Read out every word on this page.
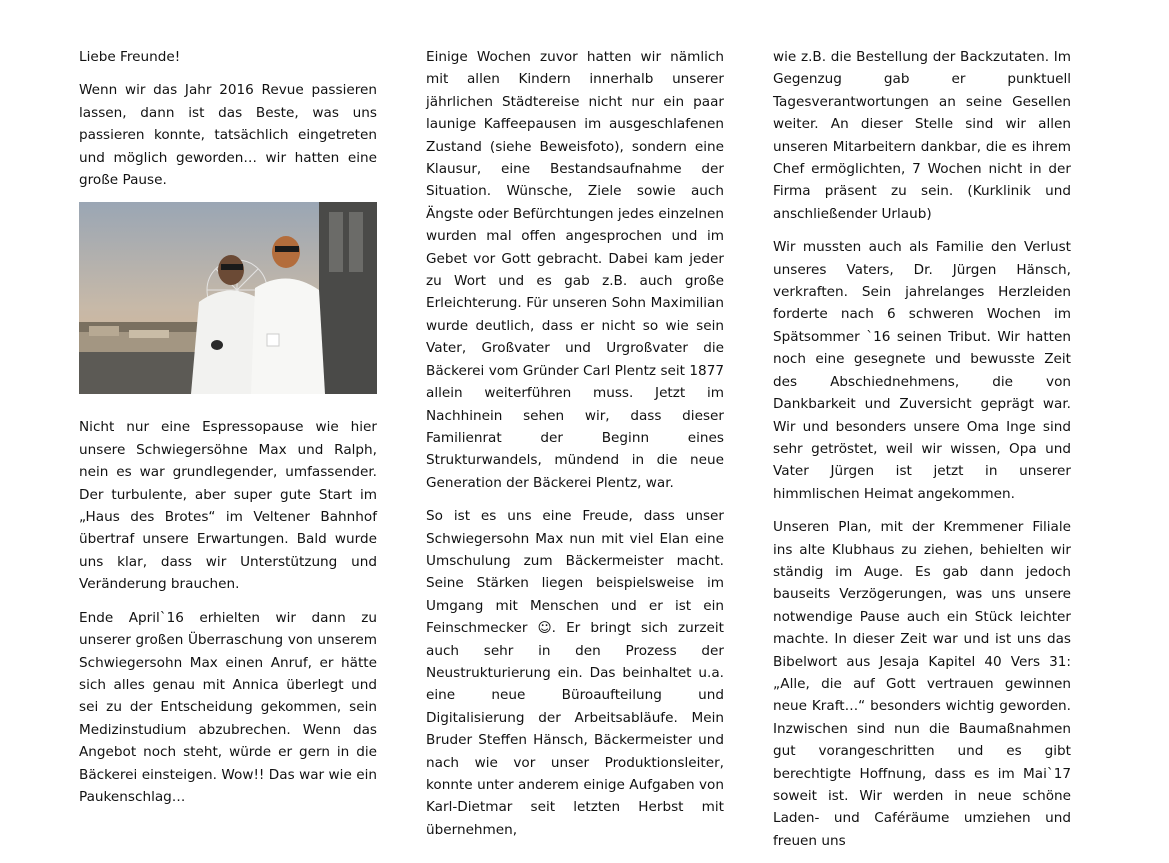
Liebe Freunde!

Wenn wir das Jahr 2016 Revue passieren lassen, dann ist das Beste, was uns passieren konnte, tatsächlich eingetreten und möglich geworden… wir hatten eine große Pause.

Nicht nur eine Espressopause wie hier unsere Schwiegersöhne Max und Ralph, nein es war grundlegender, umfassender. Der turbulente, aber super gute Start im „Haus des Brotes“ im Veltener Bahnhof übertraf unsere Erwartungen. Bald wurde uns klar, dass wir Unterstützung und Veränderung brauchen.

Ende April`16 erhielten wir dann zu unserer großen Überraschung von unserem Schwiegersohn Max einen Anruf, er hätte sich alles genau mit Annica überlegt und sei zu der Entscheidung gekommen, sein Medizinstudium abzubrechen. Wenn das Angebot noch steht, würde er gern in die Bäckerei einsteigen. Wow!! Das war wie ein Paukenschlag…

Einige Wochen zuvor hatten wir nämlich mit allen Kindern innerhalb unserer jährlichen Städtereise nicht nur ein paar launige Kaffeepausen im ausgeschlafenen Zustand (siehe Beweisfoto), sondern eine Klausur, eine Bestandsaufnahme der Situation. Wünsche, Ziele sowie auch Ängste oder Befürchtungen jedes einzelnen wurden mal offen angesprochen und im Gebet vor Gott gebracht. Dabei kam jeder zu Wort und es gab z.B. auch große Erleichterung. Für unseren Sohn Maximilian wurde deutlich, dass er nicht so wie sein Vater, Großvater und Urgroßvater die Bäckerei vom Gründer Carl Plentz seit 1877 allein weiterführen muss. Jetzt im Nachhinein sehen wir, dass dieser Familienrat der Beginn eines Strukturwandels, mündend in die neue Generation der Bäckerei Plentz, war.

So ist es uns eine Freude, dass unser Schwiegersohn Max nun mit viel Elan eine Umschulung zum Bäckermeister macht. Seine Stärken liegen beispielsweise im Umgang mit Menschen und er ist ein Feinschmecker ☺. Er bringt sich zurzeit auch sehr in den Prozess der Neustrukturierung ein. Das beinhaltet u.a. eine neue Büroaufteilung und Digitalisierung der Arbeitsabläufe. Mein Bruder Steffen Hänsch, Bäckermeister und nach wie vor unser Produktionsleiter, konnte unter anderem einige Aufgaben von Karl-Dietmar seit letzten Herbst mit übernehmen,

wie z.B. die Bestellung der Backzutaten. Im Gegenzug gab er punktuell Tagesverantwortungen an seine Gesellen weiter. An dieser Stelle sind wir allen unseren Mitarbeitern dankbar, die es ihrem Chef ermöglichten, 7 Wochen nicht in der Firma präsent zu sein. (Kurklinik und anschließender Urlaub)

Wir mussten auch als Familie den Verlust unseres Vaters, Dr. Jürgen Hänsch, verkraften. Sein jahrelanges Herzleiden forderte nach 6 schweren Wochen im Spätsommer `16 seinen Tribut. Wir hatten noch eine gesegnete und bewusste Zeit des Abschiednehmens, die von Dankbarkeit und Zuversicht geprägt war. Wir und besonders unsere Oma Inge sind sehr getröstet, weil wir wissen, Opa und Vater Jürgen ist jetzt in unserer himmlischen Heimat angekommen.

Unseren Plan, mit der Kremmener Filiale ins alte Klubhaus zu ziehen, behielten wir ständig im Auge. Es gab dann jedoch bauseits Verzögerungen, was uns unsere notwendige Pause auch ein Stück leichter machte. In dieser Zeit war und ist uns das Bibelwort aus Jesaja Kapitel 40 Vers 31: „Alle, die auf Gott vertrauen gewinnen neue Kraft…“ besonders wichtig geworden. Inzwischen sind nun die Baumaßnahmen gut vorangeschritten und es gibt berechtigte Hoffnung, dass es im Mai`17 soweit ist. Wir werden in neue schöne Laden- und Caféräume umziehen und freuen uns
